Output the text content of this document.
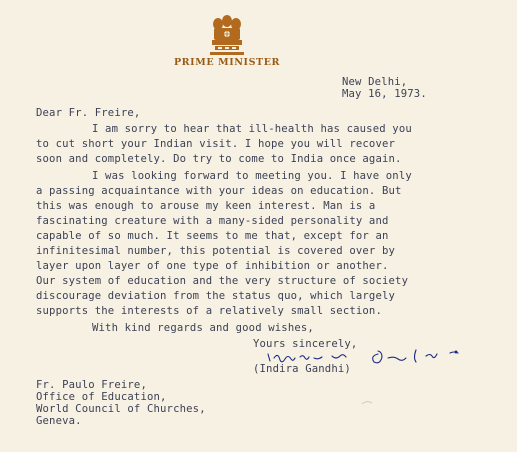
PRIME MINISTER
New Delhi,
May 16, 1973.
Dear Fr. Freire,
I am sorry to hear that ill-health has caused you
to cut short your Indian visit. I hope you will recover
soon and completely. Do try to come to India once again.
I was looking forward to meeting you. I have only
a passing acquaintance with your ideas on education. But
this was enough to arouse my keen interest. Man is a
fascinating creature with a many-sided personality and
capable of so much. It seems to me that, except for an
infinitesimal number, this potential is covered over by
layer upon layer of one type of inhibition or another.
Our system of education and the very structure of society
discourage deviation from the status quo, which largely
supports the interests of a relatively small section.
With kind regards and good wishes,
Yours sincerely,
(Indira Gandhi)
Fr. Paulo Freire,
Office of Education,
World Council of Churches,
Geneva.
